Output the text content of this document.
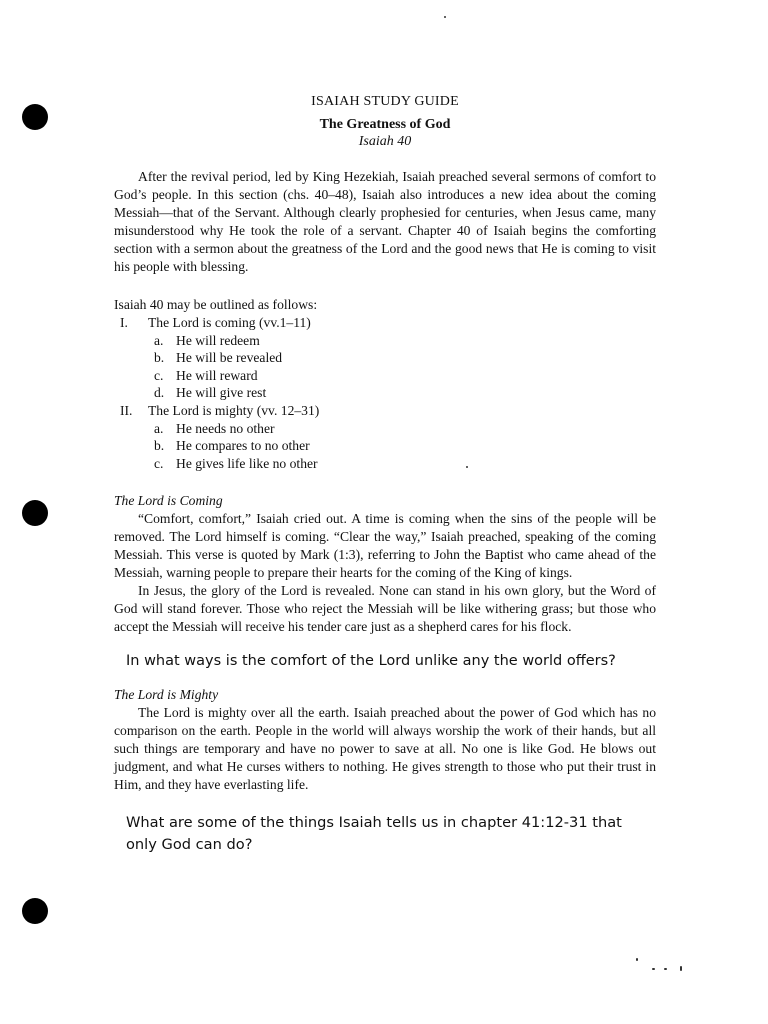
ISAIAH STUDY GUIDE

The Greatness of God

Isaiah 40

After the revival period, led by King Hezekiah, Isaiah preached several sermons of comfort to God’s people. In this section (chs. 40–48), Isaiah also introduces a new idea about the coming Messiah—that of the Servant. Although clearly prophesied for centuries, when Jesus came, many misunderstood why He took the role of a servant. Chapter 40 of Isaiah begins the comforting section with a sermon about the greatness of the Lord and the good news that He is coming to visit his people with blessing.

Isaiah 40 may be outlined as follows:

I. The Lord is coming (vv.1–11)
a. He will redeem
b. He will be revealed
c. He will reward
d. He will give rest
II. The Lord is mighty (vv. 12–31)
a. He needs no other
b. He compares to no other
c. He gives life like no other

The Lord is Coming

“Comfort, comfort,” Isaiah cried out. A time is coming when the sins of the people will be removed. The Lord himself is coming. “Clear the way,” Isaiah preached, speaking of the coming Messiah. This verse is quoted by Mark (1:3), referring to John the Baptist who came ahead of the Messiah, warning people to prepare their hearts for the coming of the King of kings.

In Jesus, the glory of the Lord is revealed. None can stand in his own glory, but the Word of God will stand forever. Those who reject the Messiah will be like withering grass; but those who accept the Messiah will receive his tender care just as a shepherd cares for his flock.

In what ways is the comfort of the Lord unlike any the world offers?

The Lord is Mighty

The Lord is mighty over all the earth. Isaiah preached about the power of God which has no comparison on the earth. People in the world will always worship the work of their hands, but all such things are temporary and have no power to save at all. No one is like God. He blows out judgment, and what He curses withers to nothing. He gives strength to those who put their trust in Him, and they have everlasting life.

What are some of the things Isaiah tells us in chapter 41:12-31 that only God can do?
